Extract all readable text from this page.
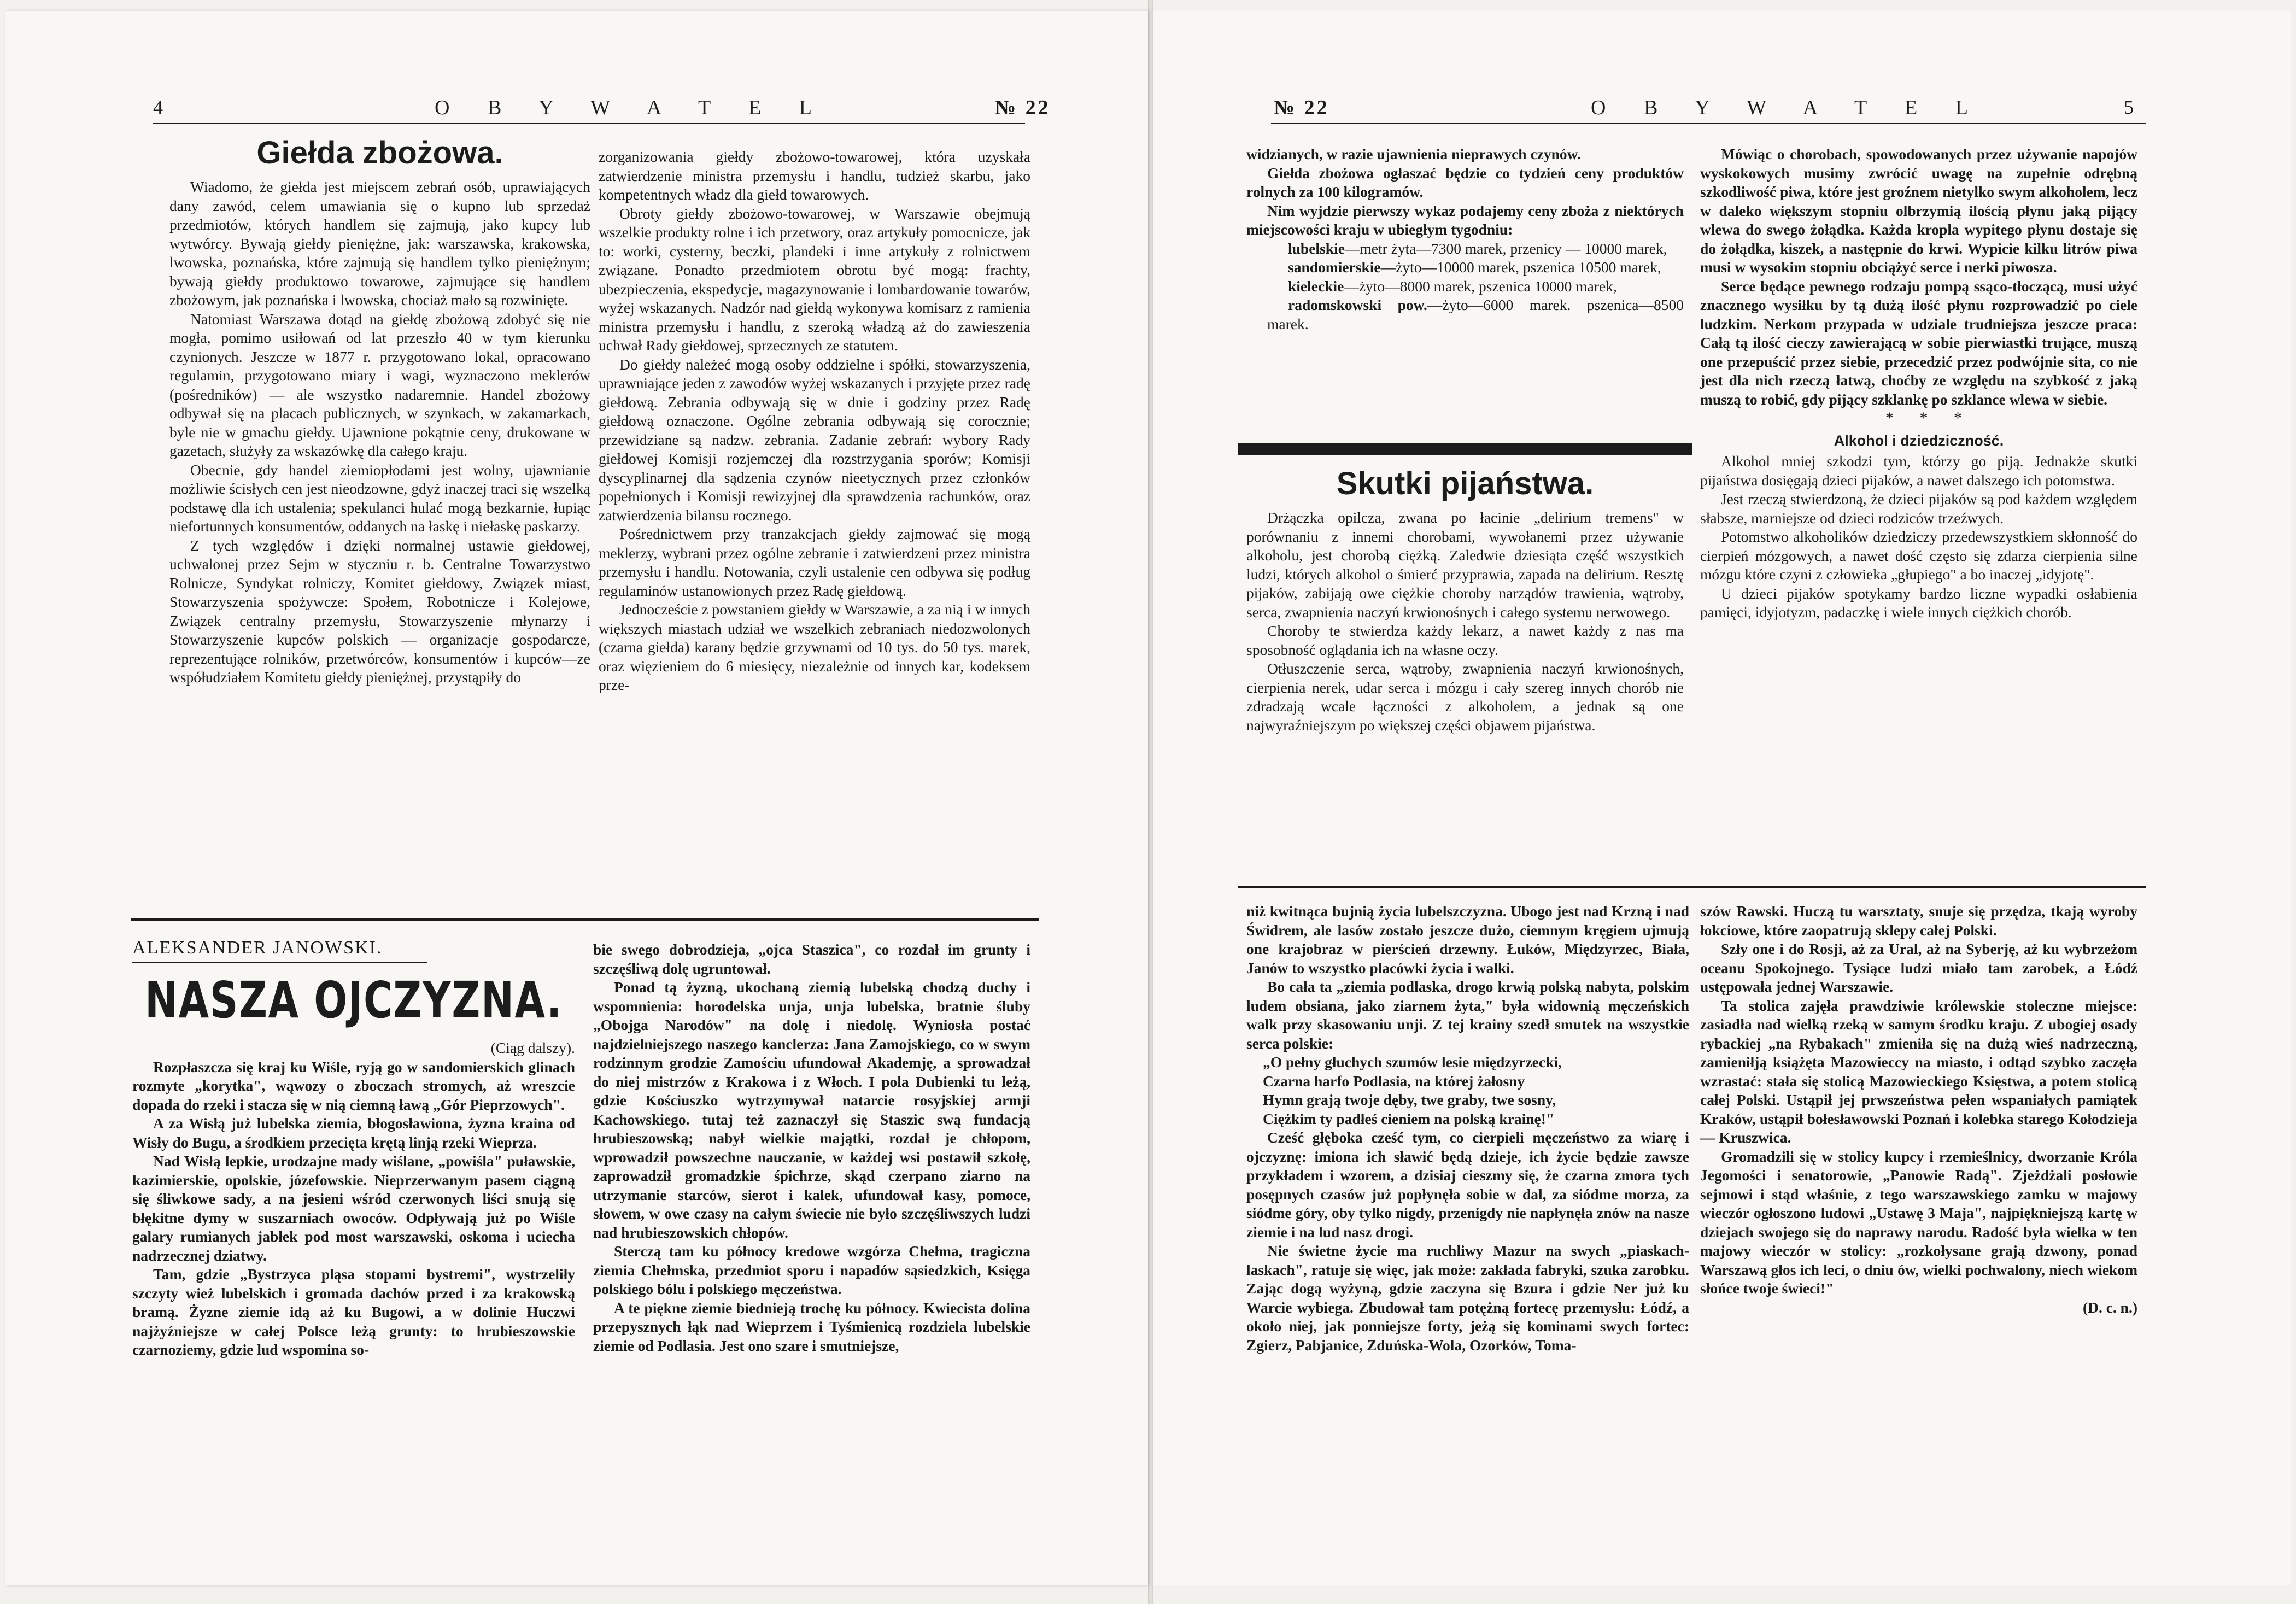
4	O B Y W A T E L	№ 22
Giełda zbożowa.

Wiadomo, że giełda jest miejscem zebrań osób, uprawiających dany zawód, celem umawiania się o kupno lub sprzedaż przedmiotów, których handlem się zajmują, jako kupcy lub wytwórcy. Bywają giełdy pieniężne, jak: warszawska, krakowska, lwowska, poznańska, które zajmują się handlem tylko pieniężnym; bywają giełdy produktowo towarowe, zajmujące się handlem zbożowym, jak poznańska i lwowska, chociaż mało są rozwinięte.

Natomiast Warszawa dotąd na giełdę zbożową zdobyć się nie mogła, pomimo usiłowań od lat przeszło 40 w tym kierunku czynionych. Jeszcze w 1877 r. przygotowano lokal, opracowano regulamin, przygotowano miary i wagi, wyznaczono meklerów (pośredników) — ale wszystko nadaremnie. Handel zbożowy odbywał się na placach publicznych, w szynkach, w zakamarkach, byle nie w gmachu giełdy. Ujawnione pokątnie ceny, drukowane w gazetach, służyły za wskazówkę dla całego kraju.

Obecnie, gdy handel ziemiopłodami jest wolny, ujawnianie możliwie ścisłych cen jest nieodzowne, gdyż inaczej traci się wszelką podstawę dla ich ustalenia; spekulanci hulać mogą bezkarnie, łupiąc niefortunnych konsumentów, oddanych na łaskę i niełaskę paskarzy.

Z tych względów i dzięki normalnej ustawie giełdowej, uchwalonej przez Sejm w styczniu r. b. Centralne Towarzystwo Rolnicze, Syndykat rolniczy, Komitet giełdowy, Związek miast, Stowarzyszenia spożywcze: Społem, Robotnicze i Kolejowe, Związek centralny przemysłu, Stowarzyszenie młynarzy i Stowarzyszenie kupców polskich — organizacje gospodarcze, reprezentujące rolników, przetwórców, konsumentów i kupców—ze współudziałem Komitetu giełdy pieniężnej, przystąpiły do

zorganizowania giełdy zbożowo-towarowej, która uzyskała zatwierdzenie ministra przemysłu i handlu, tudzież skarbu, jako kompetentnych władz dla giełd towarowych.

Obroty giełdy zbożowo-towarowej, w Warszawie obejmują wszelkie produkty rolne i ich przetwory, oraz artykuły pomocnicze, jak to: worki, cysterny, beczki, plandeki i inne artykuły z rolnictwem związane. Ponadto przedmiotem obrotu być mogą: frachty, ubezpieczenia, ekspedycje, magazynowanie i lombardowanie towarów, wyżej wskazanych. Nadzór nad giełdą wykonywa komisarz z ramienia ministra przemysłu i handlu, z szeroką władzą aż do zawieszenia uchwał Rady giełdowej, sprzecznych ze statutem.

Do giełdy należeć mogą osoby oddzielne i spółki, stowarzyszenia, uprawniające jeden z zawodów wyżej wskazanych i przyjęte przez radę giełdową. Zebrania odbywają się w dnie i godziny przez Radę giełdową oznaczone. Ogólne zebrania odbywają się corocznie; przewidziane są nadzw. zebrania. Zadanie zebrań: wybory Rady giełdowej Komisji rozjemczej dla rozstrzygania sporów; Komisji dyscyplinarnej dla sądzenia czynów nieetycznych przez członków popełnionych i Komisji rewizyjnej dla sprawdzenia rachunków, oraz zatwierdzenia bilansu rocznego.

Pośrednictwem przy tranzakcjach giełdy zajmować się mogą meklerzy, wybrani przez ogólne zebranie i zatwierdzeni przez ministra przemysłu i handlu. Notowania, czyli ustalenie cen odbywa się podług regulaminów ustanowionych przez Radę giełdową.

Jednoczeście z powstaniem giełdy w Warszawie, a za nią i w innych większych miastach udział we wszelkich zebraniach niedozwolonych (czarna giełda) karany będzie grzywnami od 10 tys. do 50 tys. marek, oraz więzieniem do 6 miesięcy, niezależnie od innych kar, kodeksem prze-

ALEKSANDER JANOWSKI.
NASZA OJCZYZNA.

(Ciąg dalszy).

Rozpłaszcza się kraj ku Wiśle, ryją go w sandomierskich glinach rozmyte „korytka", wąwozy o zboczach stromych, aż wreszcie dopada do rzeki i stacza się w nią ciemną ławą „Gór Pieprzowych".

A za Wisłą już lubelska ziemia, błogosławiona, żyzna kraina od Wisły do Bugu, a środkiem przecięta krętą linją rzeki Wieprza.

Nad Wisłą lepkie, urodzajne mady wiślane, „powiśla" puławskie, kazimierskie, opolskie, józefowskie. Nieprzerwanym pasem ciągną się śliwkowe sady, a na jesieni wśród czerwonych liści snują się błękitne dymy w suszarniach owoców. Odpływają już po Wiśle galary rumianych jabłek pod most warszawski, oskoma i uciecha nadrzecznej dziatwy.

Tam, gdzie „Bystrzyca pląsa stopami bystremi", wystrzeliły szczyty wież lubelskich i gromada dachów przed i za krakowską bramą. Żyzne ziemie idą aż ku Bugowi, a w dolinie Huczwi najżyźniejsze w całej Polsce leżą grunty: to hrubieszowskie czarnoziemy, gdzie lud wspomina so-

bie swego dobrodzieja, „ojca Staszica", co rozdał im grunty i szczęśliwą dolę ugruntował.

Ponad tą żyzną, ukochaną ziemią lubelską chodzą duchy i wspomnienia: horodelska unja, unja lubelska, bratnie śluby „Obojga Narodów" na dolę i niedolę. Wyniosła postać najdzielniejszego naszego kanclerza: Jana Zamojskiego, co w swym rodzinnym grodzie Zamościu ufundował Akademję, a sprowadzał do niej mistrzów z Krakowa i z Włoch. I pola Dubienki tu leżą, gdzie Kościuszko wytrzymywał natarcie rosyjskiej armji Kachowskiego. tutaj też zaznaczył się Staszic swą fundacją hrubieszowską; nabył wielkie majątki, rozdał je chłopom, wprowadził powszechne nauczanie, w każdej wsi postawił szkołę, zaprowadził gromadzkie śpichrze, skąd czerpano ziarno na utrzymanie starców, sierot i kalek, ufundował kasy, pomoce, słowem, w owe czasy na całym świecie nie było szczęśliwszych ludzi nad hrubieszowskich chłopów.

Sterczą tam ku północy kredowe wzgórza Chełma, tragiczna ziemia Chełmska, przedmiot sporu i napadów sąsiedzkich, Księga polskiego bólu i polskiego męczeństwa.

A te piękne ziemie biednieją trochę ku północy. Kwiecista dolina przepysznych łąk nad Wieprzem i Tyśmienicą rozdziela lubelskie ziemie od Podlasia. Jest ono szare i smutniejsze,

№ 22	O B Y W A T E L	5

widzianych, w razie ujawnienia nieprawych czynów.

Giełda zbożowa ogłaszać będzie co tydzień ceny produktów rolnych za 100 kilogramów.

Nim wyjdzie pierwszy wykaz podajemy ceny zboża z niektórych miejscowości kraju w ubiegłym tygodniu:

lubelskie—metr żyta—7300 marek, przenicy — 10000 marek,

sandomierskie—żyto—10000 marek, pszenica 10500 marek,

kieleckie—żyto—8000 marek, pszenica 10000 marek,

radomskowski pow.—żyto—6000 marek. pszenica—8500 marek.

Skutki pijaństwa.

Drżączka opilcza, zwana po łacinie „delirium tremens" w porównaniu z innemi chorobami, wywołanemi przez używanie alkoholu, jest chorobą ciężką. Zaledwie dziesiąta część wszystkich ludzi, których alkohol o śmierć przyprawia, zapada na delirium. Resztę pijaków, zabijają owe ciężkie choroby narządów trawienia, wątroby, serca, zwapnienia naczyń krwionośnych i całego systemu nerwowego.

Choroby te stwierdza każdy lekarz, a nawet każdy z nas ma sposobność oglądania ich na własne oczy.

Otłuszczenie serca, wątroby, zwapnienia naczyń krwionośnych, cierpienia nerek, udar serca i mózgu i cały szereg innych chorób nie zdradzają wcale łączności z alkoholem, a jednak są one najwyraźniejszym po większej części objawem pijaństwa.

Mówiąc o chorobach, spowodowanych przez używanie napojów wyskokowych musimy zwrócić uwagę na zupełnie odrębną szkodliwość piwa, które jest groźnem nietylko swym alkoholem, lecz w daleko większym stopniu olbrzymią ilością płynu jaką pijący wlewa do swego żołądka. Każda kropla wypitego płynu dostaje się do żołądka, kiszek, a następnie do krwi. Wypicie kilku litrów piwa musi w wysokim stopniu obciążyć serce i nerki piwosza.

Serce będące pewnego rodzaju pompą ssąco-tłoczącą, musi użyć znacznego wysiłku by tą dużą ilość płynu rozprowadzić po ciele ludzkim. Nerkom przypada w udziale trudniejsza jeszcze praca: Całą tą ilość cieczy zawierającą w sobie pierwiastki trujące, muszą one przepuścić przez siebie, przecedzić przez podwójnie sita, co nie jest dla nich rzeczą łatwą, choćby ze względu na szybkość z jaką muszą to robić, gdy pijący szklankę po szklance wlewa w siebie.

* * *

Alkohol i dziedziczność.

Alkohol mniej szkodzi tym, którzy go piją. Jednakże skutki pijaństwa dosięgają dzieci pijaków, a nawet dalszego ich potomstwa.

Jest rzeczą stwierdzoną, że dzieci pijaków są pod każdem względem słabsze, marniejsze od dzieci rodziców trzeźwych.

Potomstwo alkoholików dziedziczy przedewszystkiem skłonność do cierpień mózgowych, a nawet dość często się zdarza cierpienia silne mózgu które czyni z człowieka „głupiego" a bo inaczej „idyjotę".

U dzieci pijaków spotykamy bardzo liczne wypadki osłabienia pamięci, idyjotyzm, padaczkę i wiele innych ciężkich chorób.

niż kwitnąca bujnią życia lubelszczyzna. Ubogo jest nad Krzną i nad Świdrem, ale lasów zostało jeszcze dużo, ciemnym kręgiem ujmują one krajobraz w pierścień drzewny. Łuków, Międzyrzec, Biała, Janów to wszystko placówki życia i walki.

Bo cała ta „ziemia podlaska, drogo krwią polską nabyta, polskim ludem obsiana, jako ziarnem żyta," była widownią męczeńskich walk przy skasowaniu unji. Z tej krainy szedł smutek na wszystkie serca polskie:

„O pełny głuchych szumów lesie międzyrzecki,

Czarna harfo Podlasia, na której żałosny

Hymn grają twoje dęby, twe graby, twe sosny,

Ciężkim ty padłeś cieniem na polską krainę!"

Cześć głęboka cześć tym, co cierpieli męczeństwo za wiarę i ojczyznę: imiona ich sławić będą dzieje, ich życie będzie zawsze przykładem i wzorem, a dzisiaj cieszmy się, że czarna zmora tych posępnych czasów już popłynęła sobie w dal, za siódme morza, za siódme góry, oby tylko nigdy, przenigdy nie napłynęła znów na nasze ziemie i na lud nasz drogi.

Nie świetne życie ma ruchliwy Mazur na swych „piaskach-laskach", ratuje się więc, jak może: zakłada fabryki, szuka zarobku. Zając dogą wyżyną, gdzie zaczyna się Bzura i gdzie Ner już ku Warcie wybiega. Zbudował tam potężną fortecę przemysłu: Łódź, a około niej, jak ponniejsze forty, jeżą się kominami swych fortec: Zgierz, Pabjanice, Zduńska-Wola, Ozorków, Toma-

szów Rawski. Huczą tu warsztaty, snuje się przędza, tkają wyroby łokciowe, które zaopatrują sklepy całej Polski.

Szły one i do Rosji, aż za Ural, aż na Syberję, aż ku wybrzeżom oceanu Spokojnego. Tysiące ludzi miało tam zarobek, a Łódź ustępowała jednej Warszawie.

Ta stolica zajęła prawdziwie królewskie stoleczne miejsce: zasiadła nad wielką rzeką w samym środku kraju. Z ubogiej osady rybackiej „na Rybakach" zmieniła się na dużą wieś nadrzeczną, zamieniłją książęta Mazowieccy na miasto, i odtąd szybko zaczęła wzrastać: stała się stolicą Mazowieckiego Księstwa, a potem stolicą całej Polski. Ustąpił jej prwszeństwa pełen wspaniałych pamiątek Kraków, ustąpił bołesławowski Poznań i kolebka starego Kołodzieja — Kruszwica.

Gromadzili się w stolicy kupcy i rzemieślnicy, dworzanie Króla Jegomości i senatorowie, „Panowie Radą". Zjeżdżali posłowie sejmowi i stąd właśnie, z tego warszawskiego zamku w majowy wieczór ogłoszono ludowi „Ustawę 3 Maja", najpiękniejszą kartę w dziejach swojego się do naprawy narodu. Radość była wielka w ten majowy wieczór w stolicy: „rozkołysane grają dzwony, ponad Warszawą głos ich leci, o dniu ów, wielki pochwalony, niech wiekom słońce twoje świeci!"

(D. c. n.)
